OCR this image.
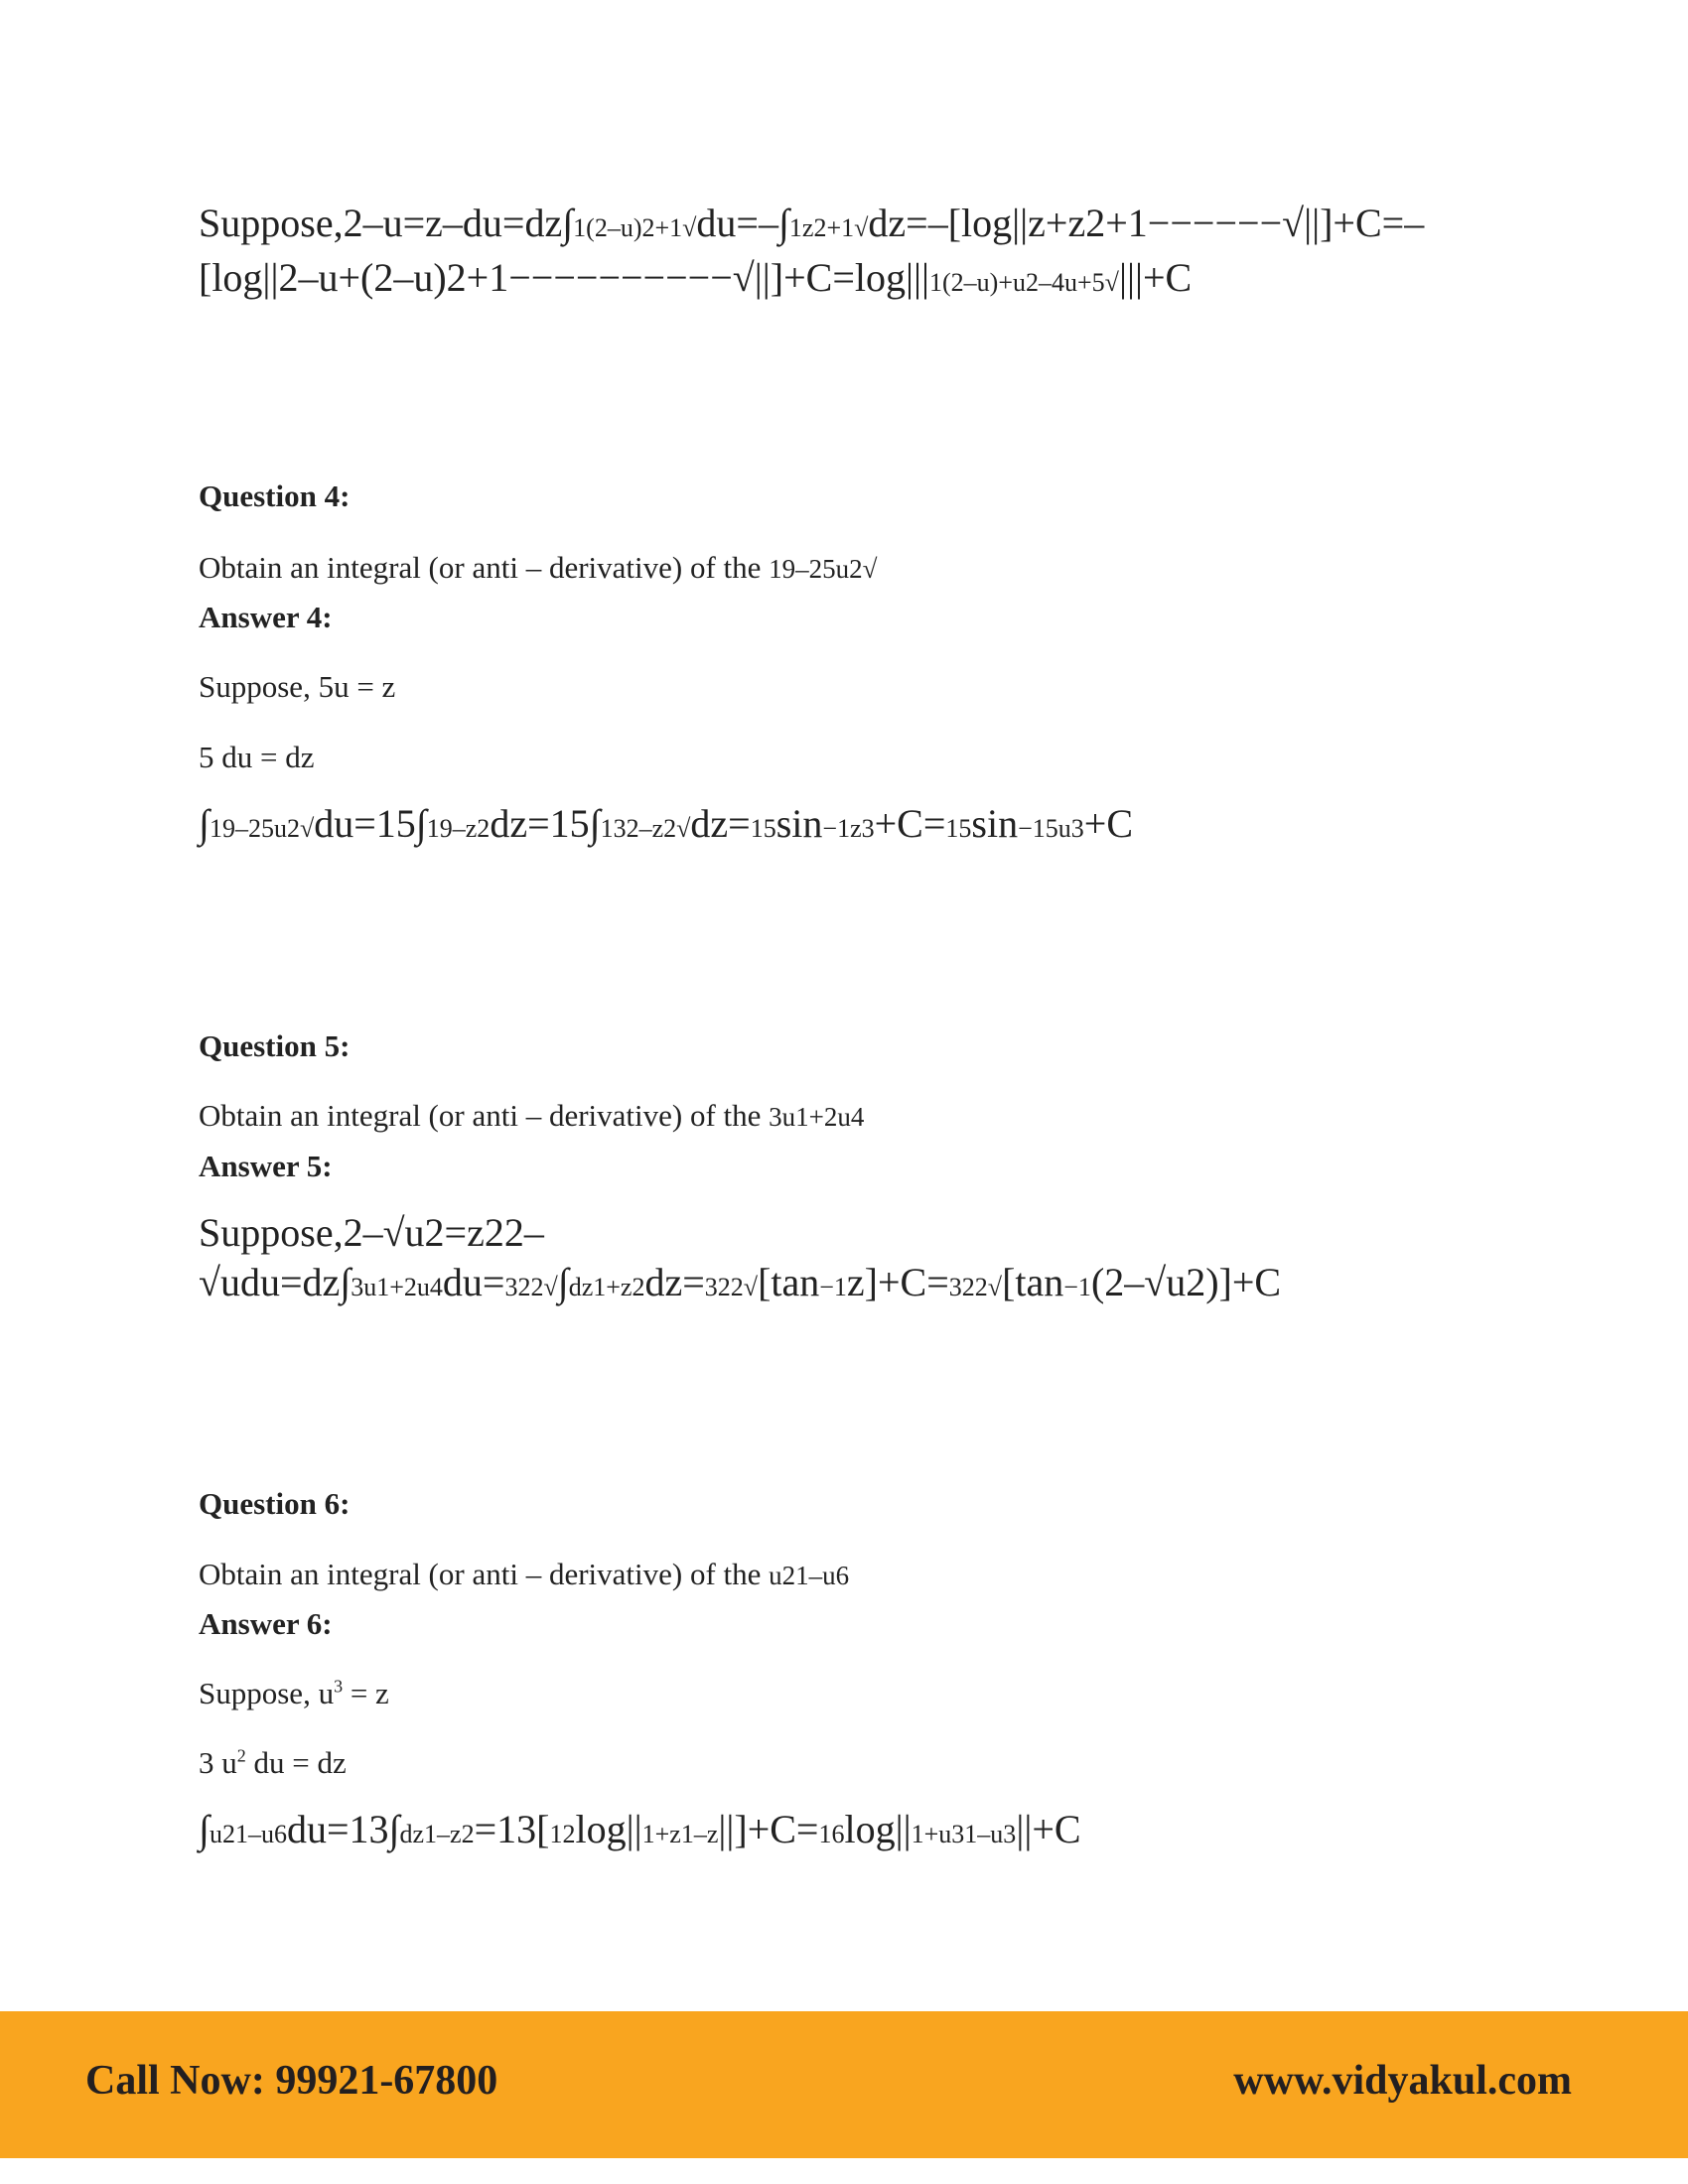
Suppose,2–u=z–du=dz∫1(2–u)2+1√du=–∫1z2+1√dz=–[log||z+z2+1−−−−−−√||]+C=–
[log||2–u+(2–u)2+1−−−−−−−−−−√||]+C=log|||1(2–u)+u2–4u+5√|||+C
Question 4:
Obtain an integral (or anti – derivative) of the 19–25u2√
Answer 4:
Suppose, 5u = z
5 du = dz
∫19–25u2√du=15∫19–z2dz=15∫132–z2√dz=15sin−1z3+C=15sin−15u3+C
Question 5:
Obtain an integral (or anti – derivative) of the 3u1+2u4
Answer 5:
Suppose,2–√u2=z22–
√udu=dz∫3u1+2u4du=322√∫dz1+z2dz=322√[tan−1z]+C=322√[tan−1(2–√u2)]+C
Question 6:
Obtain an integral (or anti – derivative) of the u21–u6
Answer 6:
Suppose, $u^3 = z$
3 $u^2$ du = dz
∫u21–u6du=13∫dz1–z2=13[12log||1+z1–z||]+C=16log||1+u31–u3||+C
Call Now: 99921-67800	www.vidyakul.com
